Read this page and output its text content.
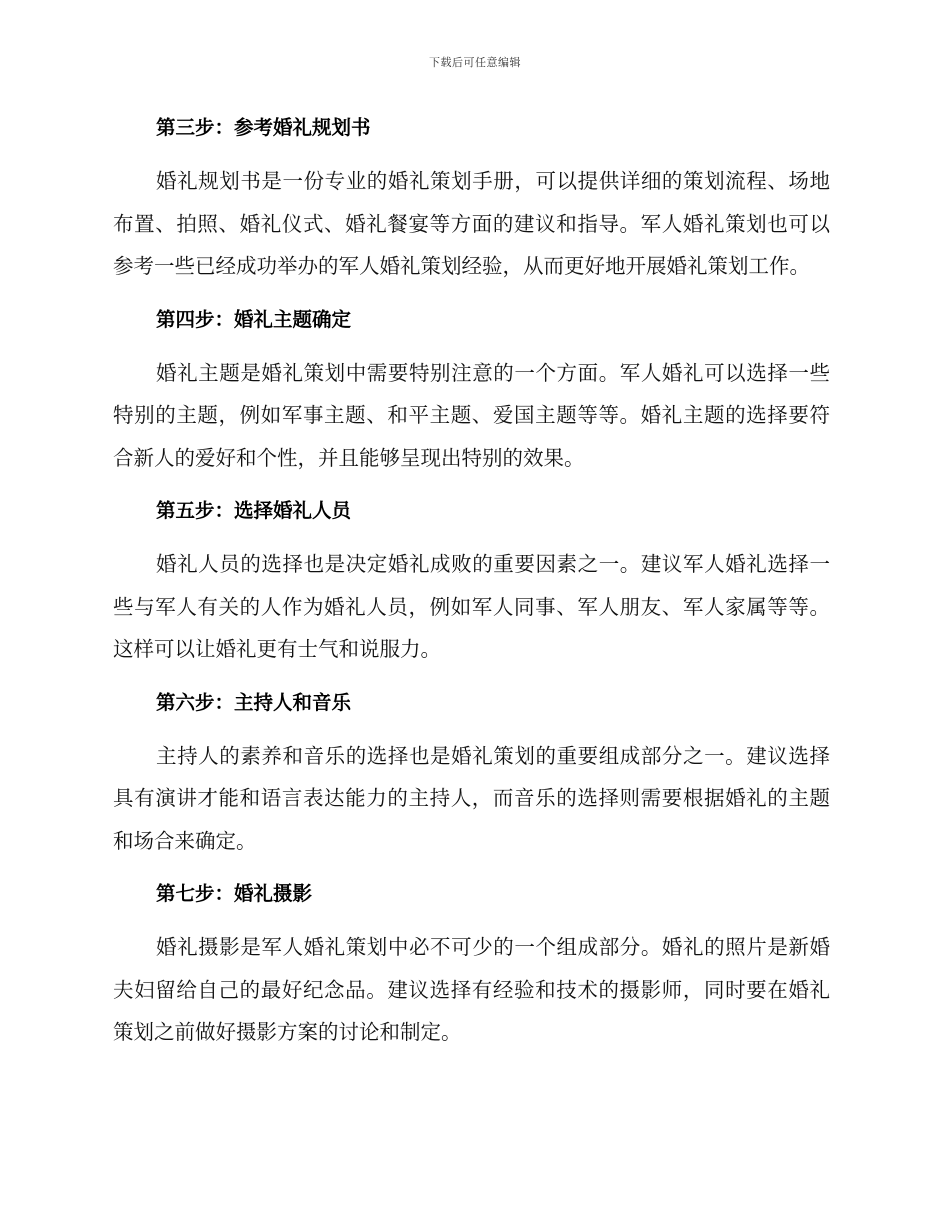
下载后可任意编辑
第三步：参考婚礼规划书

婚礼规划书是一份专业的婚礼策划手册，可以提供详细的策划流程、场地布置、拍照、婚礼仪式、婚礼餐宴等方面的建议和指导。军人婚礼策划也可以参考一些已经成功举办的军人婚礼策划经验，从而更好地开展婚礼策划工作。

第四步：婚礼主题确定

婚礼主题是婚礼策划中需要特别注意的一个方面。军人婚礼可以选择一些特别的主题，例如军事主题、和平主题、爱国主题等等。婚礼主题的选择要符合新人的爱好和个性，并且能够呈现出特别的效果。

第五步：选择婚礼人员

婚礼人员的选择也是决定婚礼成败的重要因素之一。建议军人婚礼选择一些与军人有关的人作为婚礼人员，例如军人同事、军人朋友、军人家属等等。这样可以让婚礼更有士气和说服力。

第六步：主持人和音乐

主持人的素养和音乐的选择也是婚礼策划的重要组成部分之一。建议选择具有演讲才能和语言表达能力的主持人，而音乐的选择则需要根据婚礼的主题和场合来确定。

第七步：婚礼摄影

婚礼摄影是军人婚礼策划中必不可少的一个组成部分。婚礼的照片是新婚夫妇留给自己的最好纪念品。建议选择有经验和技术的摄影师，同时要在婚礼策划之前做好摄影方案的讨论和制定。
